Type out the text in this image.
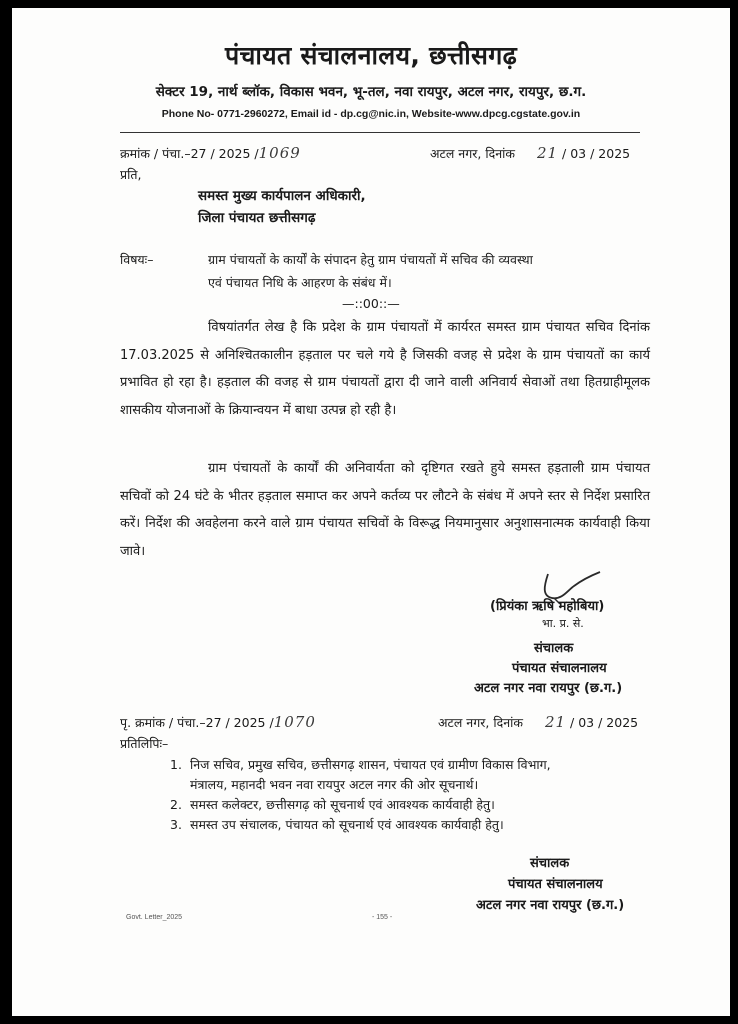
पंचायत संचालनालय, छत्तीसगढ़
सेक्टर 19, नार्थ ब्लॉक, विकास भवन, भू-तल, नवा रायपुर, अटल नगर, रायपुर, छ.ग.
Phone No- 0771-2960272, Email id - dp.cg@nic.in, Website-www.dpcg.cgstate.gov.in
क्रमांक / पंचा.–27 / 2025 /1069	अटल नगर, दिनांक 21 / 03 / 2025
प्रति,
समस्त मुख्य कार्यपालन अधिकारी,
जिला पंचायत छत्तीसगढ़
विषयः–	ग्राम पंचायतों के कार्यों के संपादन हेतु ग्राम पंचायतों में सचिव की व्यवस्था
एवं पंचायत निधि के आहरण के संबंध में।
—::00::—
विषयांतर्गत लेख है कि प्रदेश के ग्राम पंचायतों में कार्यरत समस्त ग्राम पंचायत सचिव दिनांक 17.03.2025 से अनिश्चितकालीन हड़ताल पर चले गये है जिसकी वजह से प्रदेश के ग्राम पंचायतों का कार्य प्रभावित हो रहा है। हड़ताल की वजह से ग्राम पंचायतों द्वारा दी जाने वाली अनिवार्य सेवाओं तथा हितग्राहीमूलक शासकीय योजनाओं के क्रियान्वयन में बाधा उत्पन्न हो रही है।
ग्राम पंचायतों के कार्यों की अनिवार्यता को दृष्टिगत रखते हुये समस्त हड़ताली ग्राम पंचायत सचिवों को 24 घंटे के भीतर हड़ताल समाप्त कर अपने कर्तव्य पर लौटने के संबंध में अपने स्तर से निर्देश प्रसारित करें। निर्देश की अवहेलना करने वाले ग्राम पंचायत सचिवों के विरूद्ध नियमानुसार अनुशासनात्मक कार्यवाही किया जावे।
(प्रियंका ऋषि महोबिया)
भा. प्र. से.
संचालक
पंचायत संचालनालय
अटल नगर नवा रायपुर (छ.ग.)
पृ. क्रमांक / पंचा.–27 / 2025 /1070	अटल नगर, दिनांक 21 / 03 / 2025
प्रतिलिपिः–
1. निज सचिव, प्रमुख सचिव, छत्तीसगढ़ शासन, पंचायत एवं ग्रामीण विकास विभाग,
मंत्रालय, महानदी भवन नवा रायपुर अटल नगर की ओर सूचनार्थ।
2. समस्त कलेक्टर, छत्तीसगढ़ को सूचनार्थ एवं आवश्यक कार्यवाही हेतु।
3. समस्त उप संचालक, पंचायत को सूचनार्थ एवं आवश्यक कार्यवाही हेतु।
संचालक
पंचायत संचालनालय
अटल नगर नवा रायपुर (छ.ग.)
Govt. Letter_2025	- 155 -
